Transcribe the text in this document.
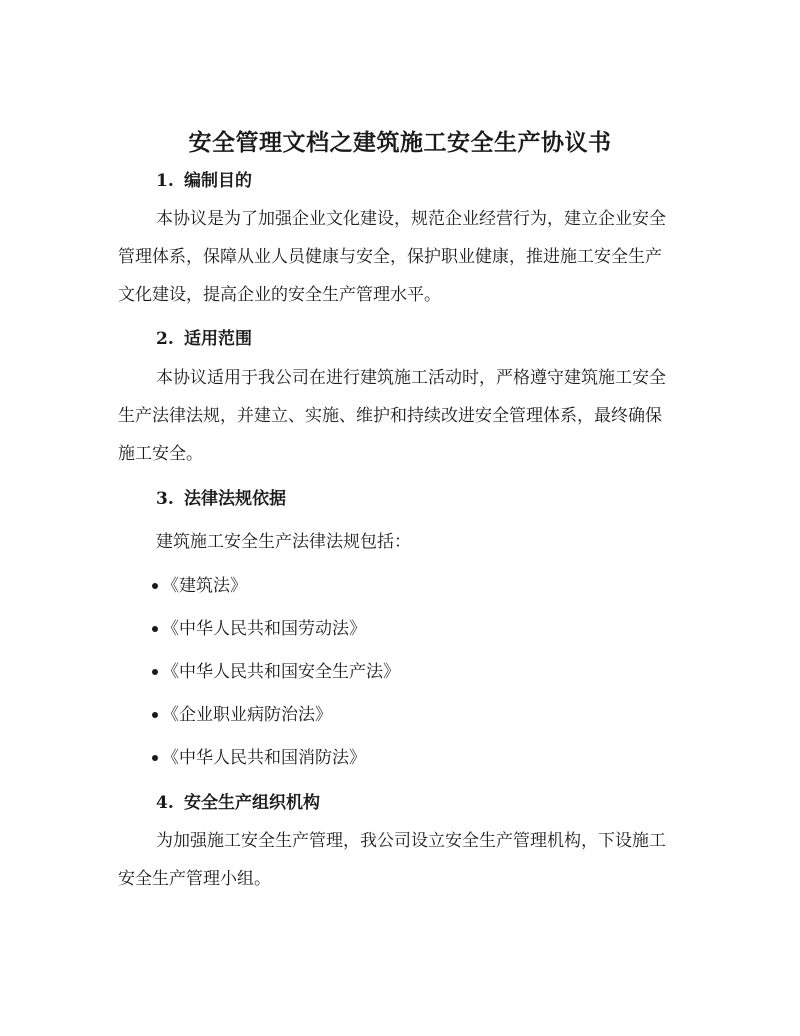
安全管理文档之建筑施工安全生产协议书
1. 编制目的
本协议是为了加强企业文化建设，规范企业经营行为，建立企业安全管理体系，保障从业人员健康与安全，保护职业健康，推进施工安全生产文化建设，提高企业的安全生产管理水平。
2. 适用范围
本协议适用于我公司在进行建筑施工活动时，严格遵守建筑施工安全生产法律法规，并建立、实施、维护和持续改进安全管理体系，最终确保施工安全。
3. 法律法规依据
建筑施工安全生产法律法规包括：
《建筑法》
《中华人民共和国劳动法》
《中华人民共和国安全生产法》
《企业职业病防治法》
《中华人民共和国消防法》
4. 安全生产组织机构
为加强施工安全生产管理，我公司设立安全生产管理机构，下设施工安全生产管理小组。
